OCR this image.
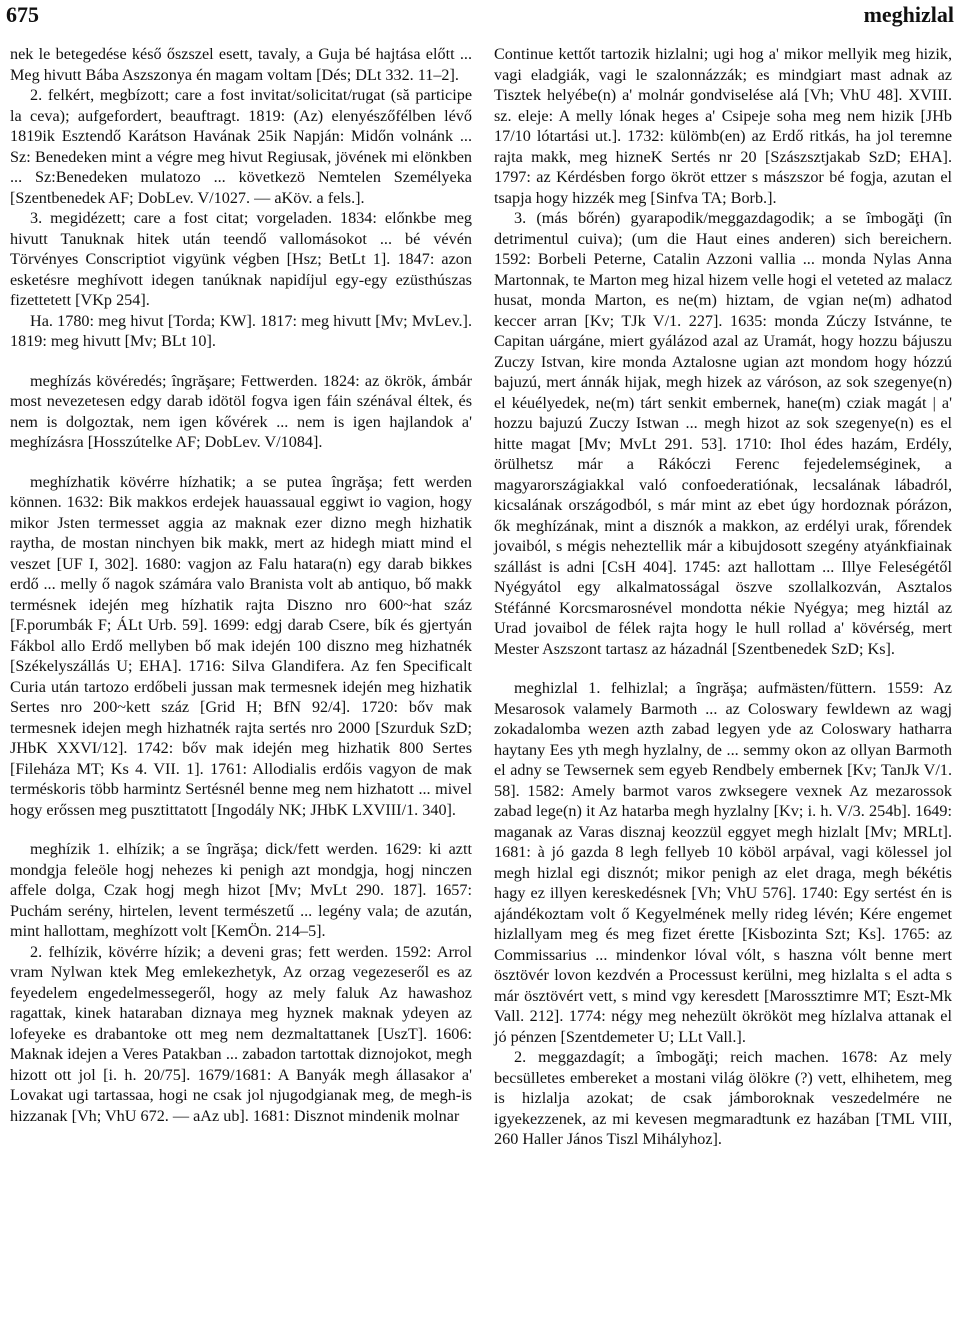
675	meghizlal

nek le betegedése késő őszszel esett, tavaly, a Guja bé hajtása előtt ... Meg hivutt Bába Aszszonya én magam voltam [Dés; DLt 332. 11–2].

2. felkért, megbízott; care a fost invitat/solicitat/rugat (să participe la ceva); aufgefordert, beauftragt. 1819: (Az) elenyészőfélben lévő 1819ik Esztendő Karátson Havának 25ik Napján: Midőn volnánk ... Sz: Benedeken mint a végre meg hivut Regiusak, jövének mi elönkben ... Sz:Benedeken mulatozo ... következö Nemtelen Személyeka [Szentbenedek AF; DobLev. V/1027. — aKöv. a fels.].

3. megidézett; care a fost citat; vorgeladen. 1834: előnkbe meg hivutt Tanuknak hitek után teendő vallomásokot ... bé vévén Törvényes Conscriptiot vigyünk végben [Hsz; BetLt 1]. 1847: azon esketésre meghívott idegen tanúknak napidíjul egy-egy ezüsthúszas fizettetett [VKp 254].

Ha. 1780: meg hivut [Torda; KW]. 1817: meg hivutt [Mv; MvLev.]. 1819: meg hivutt [Mv; BLt 10].

meghízás kövéredés; îngrăşare; Fettwerden. 1824: az ökrök, ámbár most nevezetesen edgy darab idötöl fogva igen fáin szénával éltek, és nem is dolgoztak, nem igen kővérek ... nem is igen hajlandok a' meghízásra [Hosszútelke AF; DobLev. V/1084].

meghízhatik kövérre hízhatik; a se putea îngrăşa; fett werden können. 1632: Bik makkos erdejek hauassaual eggiwt io vagion, hogy mikor Jsten termesset aggia az maknak ezer dizno megh hizhatik raytha, de mostan ninchyen bik makk, mert az hidegh miatt mind el veszet [UF I, 302]. 1680: vagjon az Falu hatara(n) egy darab bikkes erdő ... melly ő nagok számára valo Branista volt ab antiquo, bő makk termésnek idején meg hízhatik rajta Diszno nro 600~hat száz [F.porumbák F; ÁLt Urb. 59]. 1699: edgj darab Csere, bík és gjertyán Fákbol allo Erdő mellyben bő mak idején 100 diszno meg hizhatnék [Székelyszállás U; EHA]. 1716: Silva Glandifera. Az fen Specificalt Curia után tartozo erdőbeli jussan mak termesnek idején meg hizhatik Sertes nro 200~kett száz [Grid H; BfN 92/4]. 1720: bőv mak termesnek idejen megh hizhatnék rajta sertés nro 2000 [Szurduk SzD; JHbK XXVI/12]. 1742: bőv mak idején meg hizhatik 800 Sertes [Fileháza MT; Ks 4. VII. 1]. 1761: Allodialis erdőis vagyon de mak terméskoris több harmintz Sertésnél benne meg nem hizhatott ... mivel hogy erőssen meg pusztittatott [Ingodály NK; JHbK LXVIII/1. 340].

meghízik 1. elhízik; a se îngrăşa; dick/fett werden. 1629: ki aztt mondgja feleöle hogj nehezes ki penigh azt mondgja, hogj ninczen affele dolga, Czak hogj megh hizot [Mv; MvLt 290. 187]. 1657: Puchám serény, hirtelen, levent természetű ... legény vala; de azután, mint hallottam, meghízott volt [KemÖn. 214–5].

2. felhízik, kövérre hízik; a deveni gras; fett werden. 1592: Arrol vram Nylwan ktek Meg emlekezhetyk, Az orzag vegezeseről es az feyedelem engedelmessegeről, hogy az mely faluk Az hawashoz ragattak, kinek hataraban diznaya meg hyznek maknak ydeyen az lofeyeke es drabantoke ott meg nem dezmaltattanek [UszT]. 1606: Maknak idejen a Veres Patakban ... zabadon tartottak diznojokot, megh hizott ott jol [i. h. 20/75]. 1679/1681: A Banyák megh állasakor a' Lovakat ugi tartassaa, hogi ne csak jol njugodgianak meg, de megh-is hizzanak [Vh; VhU 672. — aAz ub]. 1681: Disznot mindenik molnar

Continue kettőt tartozik hizlalni; ugi hog a' mikor mellyik meg hizik, vagi eladgiák, vagi le szalonnázzák; es mindgiart mast adnak az Tisztek helyébe(n) a' molnár gondviselése alá [Vh; VhU 48]. XVIII. sz. eleje: A melly lónak heges a' Csipeje soha meg nem hizik [JHb 17/10 lótartási ut.]. 1732: külömb(en) az Erdő ritkás, ha jol teremne rajta makk, meg hizneK Sertés nr 20 [Szászsztjakab SzD; EHA]. 1797: az Kérdésben forgo ökröt ettzer s mászszor bé fogja, azutan el tsapja hogy hizzék meg [Sinfva TA; Borb.].

3. (más bőrén) gyarapodik/meggazdagodik; a se îmbogăţi (în detrimentul cuiva); (um die Haut eines anderen) sich bereichern. 1592: Borbeli Peterne, Catalin Azzoni vallia ... monda Nylas Anna Martonnak, te Marton meg hizal hizem velle hogi el veteted az malacz husat, monda Marton, es ne(m) hiztam, de vgian ne(m) adhatod keccer arran [Kv; TJk V/1. 227]. 1635: monda Zúczy Istvánne, te Capitan uárgáne, miert gyálázod azal az Uramát, hogy hozzu bájuszu Zuczy Istvan, kire monda Aztalosne ugian azt mondom hogy hózzú bajuzú, mert ánnák hijak, megh hizek az váróson, az sok szegenye(n) el kéuélyedek, ne(m) tárt senkit embernek, hane(m) cziak magát | a' hozzu bajuzú Zuczy Istwan ... megh hizot az sok szegenye(n) es el hitte magat [Mv; MvLt 291. 53]. 1710: Ihol édes hazám, Erdély, örülhetsz már a Rákóczi Ferenc fejedelemséginek, a magyarországiakkal való confoederatiónak, lecsalának lábadról, kicsalának országodból, s már mint az ebet úgy hordoznak pórázon, ők meghízának, mint a disznók a makkon, az erdélyi urak, főrendek jovaiból, s mégis neheztellik már a kibujdosott szegény atyánkfiainak szállást is adni [CsH 404]. 1745: azt hallottam ... Illye Feleségétől Nyégyátol egy alkalmatosságal öszve szollalkozván, Asztalos Stéfánné Korcsmarosnével mondotta nékie Nyégya; meg hiztál az Urad jovaibol de félek rajta hogy le hull rollad a' kövérség, mert Mester Aszszont tartasz az házadnál [Szentbenedek SzD; Ks].

meghizlal 1. felhizlal; a îngrăşa; aufmästen/füttern. 1559: Az Mesarosok valamely Barmoth ... az Coloswary fewldewn az wagj zokadalomba wezen azth zabad legyen yde az Coloswary hatharra haytany Ees yth megh hyzlalny, de ... semmy okon az ollyan Barmoth el adny se Tewsernek sem egyeb Rendbely embernek [Kv; TanJk V/1. 58]. 1582: Amely barmot varos zwksegere vexnek Az mezarossok zabad lege(n) it Az hatarba megh hyzlalny [Kv; i. h. V/3. 254b]. 1649: maganak az Varas disznaj keozzül eggyet megh hizlalt [Mv; MRLt]. 1681: à jó gazda 8 legh fellyeb 10 köböl arpával, vagi kölessel jol megh hizlal egi disznót; mikor penigh az elet draga, megh békétis hagy ez illyen kereskedésnek [Vh; VhU 576]. 1740: Egy sertést én is ajándékoztam volt ő Kegyelmének melly rideg lévén; Kére engemet hizlallyam meg és meg fizet érette [Kisbozinta Szt; Ks]. 1765: az Commissarius ... mindenkor lóval vólt, s hasznа vólt benne mert ösztövér lovon kezdvén a Processust kerülni, meg hizlalta s el adta s már ösztövért vett, s mind vgy keresdett [Marossztimre MT; Eszt-Mk Vall. 212]. 1774: négy meg nehezült ökrököt meg hízlalva attanak el jó pénzen [Szentdemeter U; LLt Vall.].

2. meggazdagít; a îmbogăţi; reich machen. 1678: Az mely becsülletes embereket a mostani világ ölökre (?) vett, elhihetem, meg is hizlalja azokat; de csak jámboroknak veszedelmére ne igyekezzenek, az mi kevesen megmaradtunk ez hazában [TML VIII, 260 Haller János Tiszl Mihályhoz].
